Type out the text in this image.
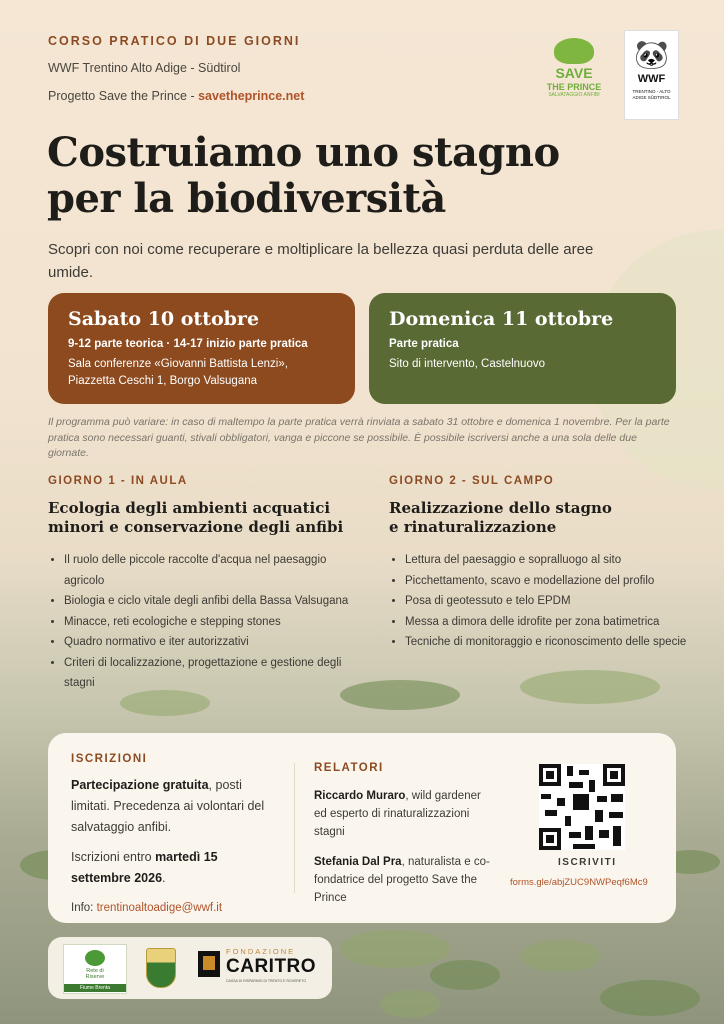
CORSO PRATICO DI DUE GIORNI
WWF Trentino Alto Adige - Südtirol
Progetto Save the Prince - savetheprince.net
SAVE
THE PRINCE
SALVATAGGIO ANFIBI
🐼
WWF
TRENTINO - ALTO ADIGE SÜDTIROL
Costruiamo uno stagno
per la biodiversità
Scopri con noi come recuperare e moltiplicare la bellezza quasi perduta delle aree umide.
Sabato 10 ottobre
9-12 parte teorica · 14-17 inizio parte pratica
Sala conferenze «Giovanni Battista Lenzi», Piazzetta Ceschi 1, Borgo Valsugana
Domenica 11 ottobre
Parte pratica
Sito di intervento, Castelnuovo
Il programma può variare: in caso di maltempo la parte pratica verrà rinviata a sabato 31 ottobre e domenica 1 novembre. Per la parte pratica sono necessari guanti, stivali obbligatori, vanga e piccone se possibile. È possibile iscriversi anche a una sola delle due giornate.
GIORNO 1 - IN AULA
Ecologia degli ambienti acquatici
minori e conservazione degli anfibi
• Il ruolo delle piccole raccolte d'acqua nel paesaggio agricolo
• Biologia e ciclo vitale degli anfibi della Bassa Valsugana
• Minacce, reti ecologiche e stepping stones
• Quadro normativo e iter autorizzativi
• Criteri di localizzazione, progettazione e gestione degli stagni
GIORNO 2 - SUL CAMPO
Realizzazione dello stagno
e rinaturalizzazione
• Lettura del paesaggio e sopralluogo al sito
• Picchettamento, scavo e modellazione del profilo
• Posa di geotessuto e telo EPDM
• Messa a dimora delle idrofite per zona batimetrica
• Tecniche di monitoraggio e riconoscimento delle specie
ISCRIZIONI
Partecipazione gratuita, posti limitati. Precedenza ai volontari del salvataggio anfibi.
Iscrizioni entro martedì 15 settembre 2026.
Info: trentinoaltoadige@wwf.it
RELATORI
Riccardo Muraro, wild gardener ed esperto di rinaturalizzazioni stagni
Stefania Dal Pra, naturalista e co-fondatrice del progetto Save the Prince
ISCRIVITI
forms.gle/abjZUC9NWPeqf6Mc9
Rete di
Riserve
Fiume Brenta
FONDAZIONE
CARITRO
CASSA DI RISPARMIO DI TRENTO E ROVERETO
